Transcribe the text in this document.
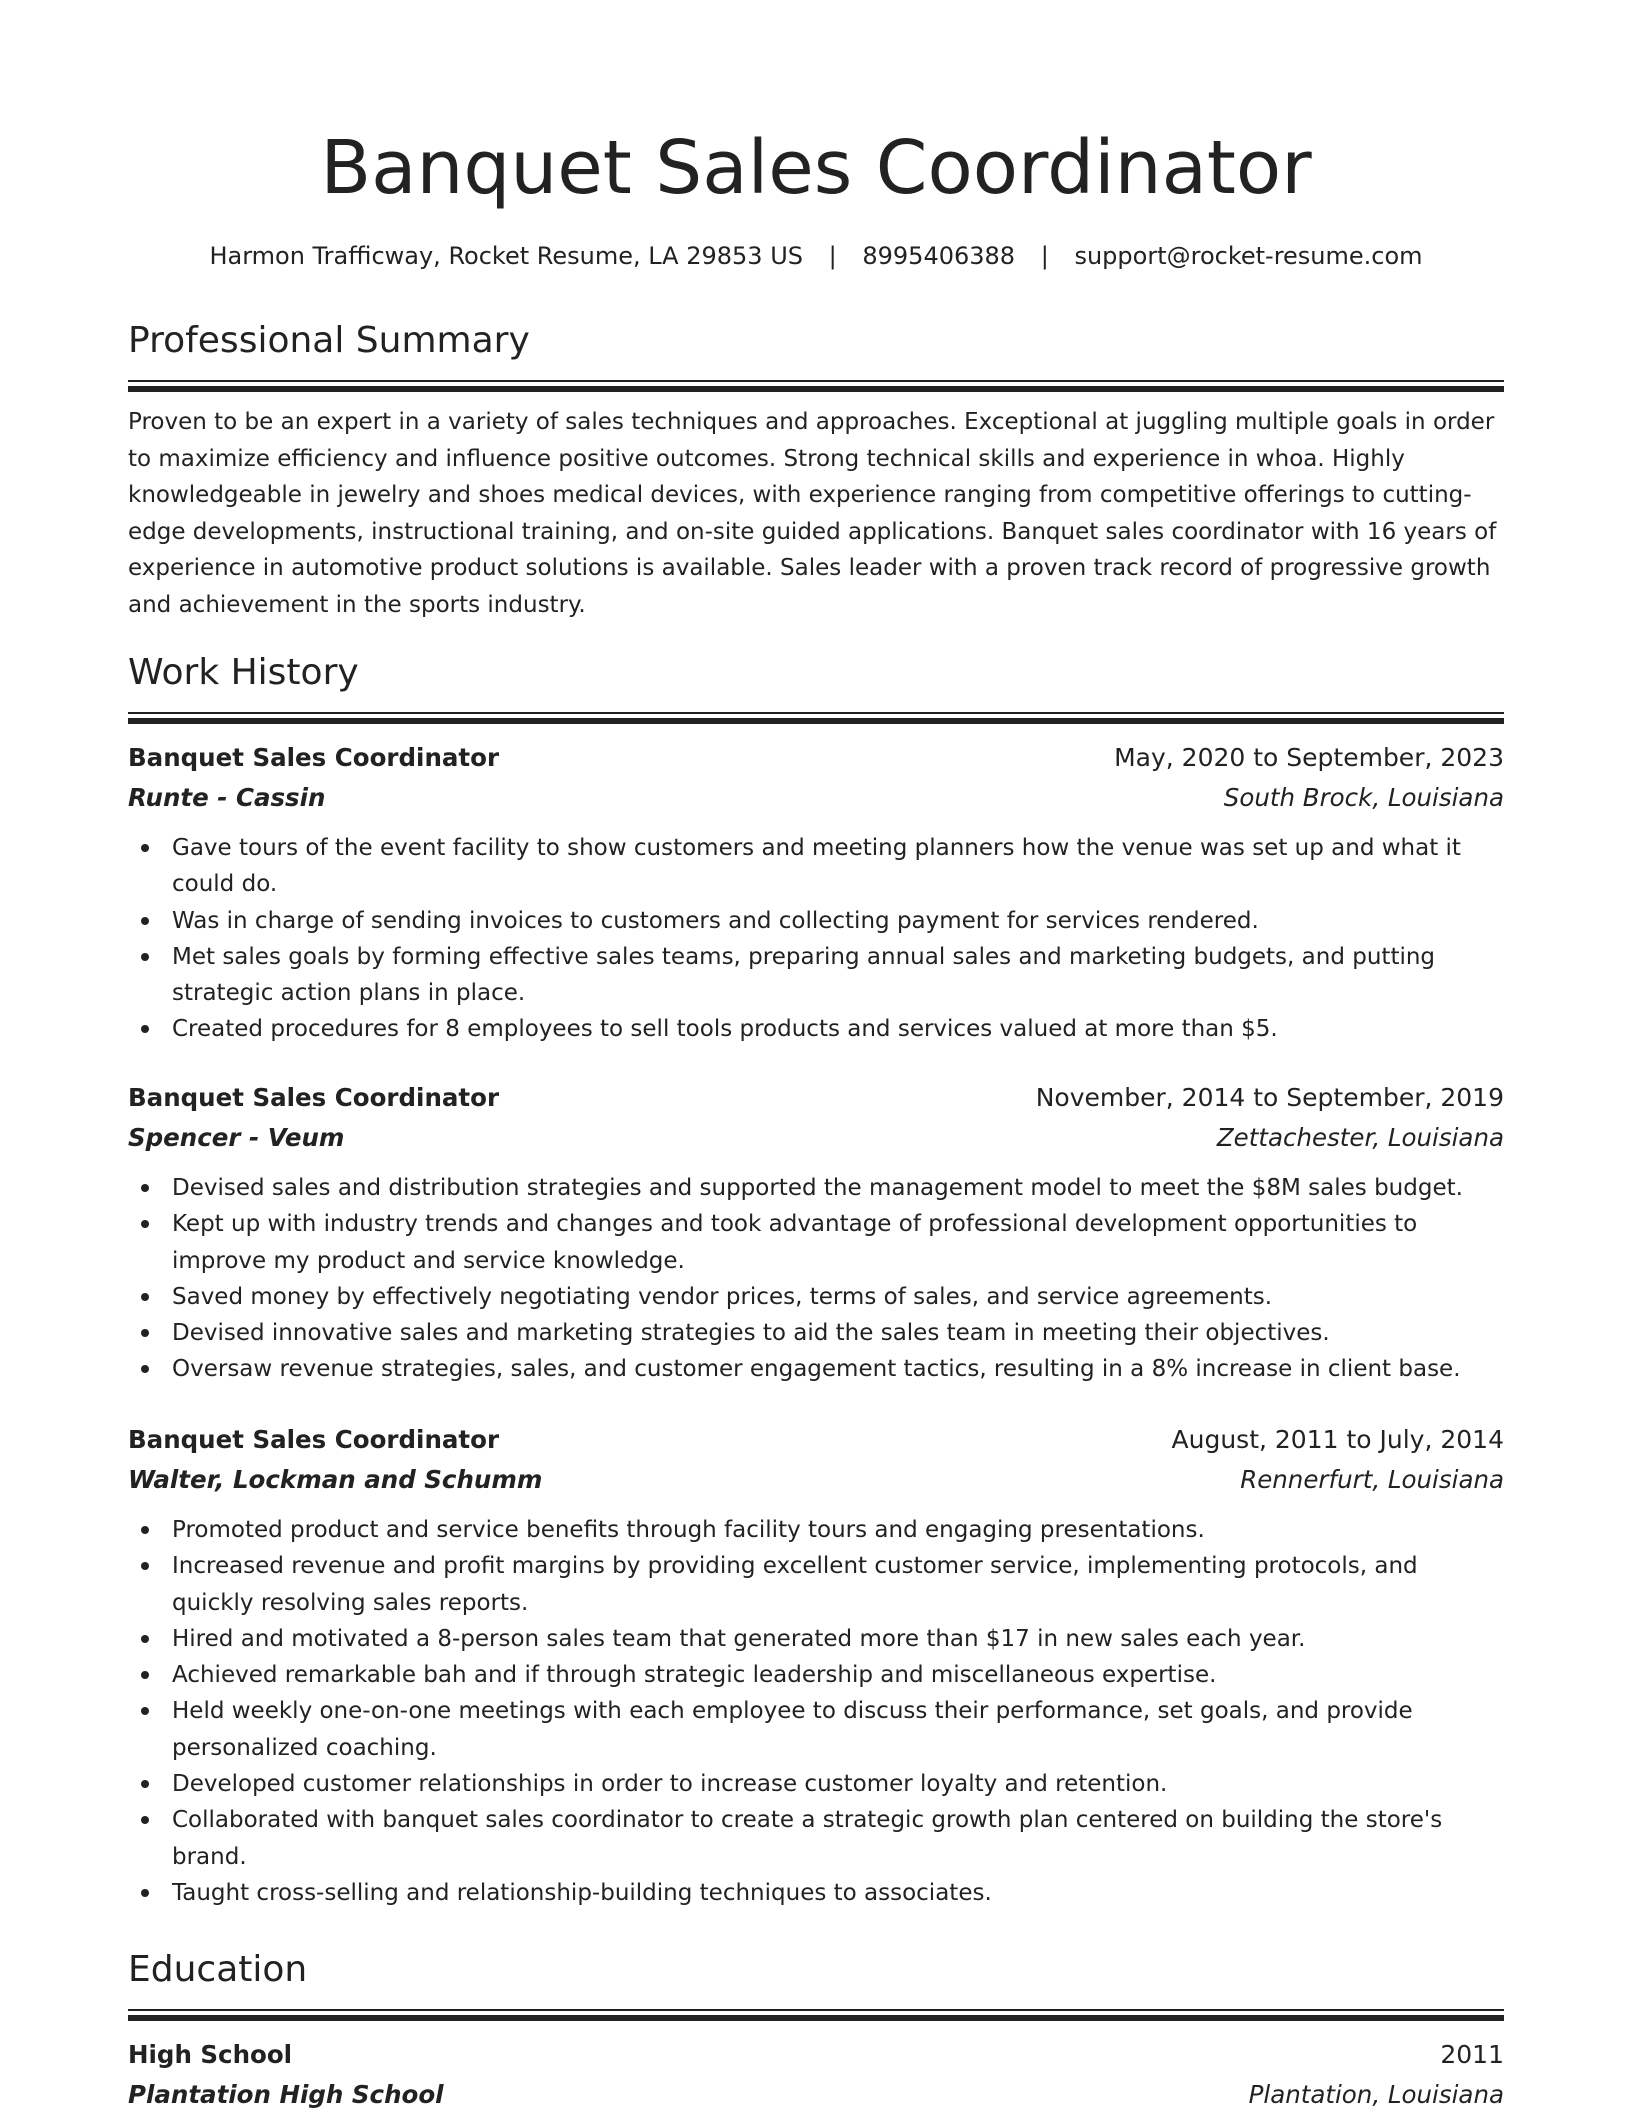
Banquet Sales Coordinator
Harmon Trafficway, Rocket Resume, LA 29853 US | 8995406388 | support@rocket-resume.com
Professional Summary

Proven to be an expert in a variety of sales techniques and approaches. Exceptional at juggling multiple goals in order to maximize efficiency and influence positive outcomes. Strong technical skills and experience in whoa. Highly knowledgeable in jewelry and shoes medical devices, with experience ranging from competitive offerings to cutting-edge developments, instructional training, and on-site guided applications. Banquet sales coordinator with 16 years of experience in automotive product solutions is available. Sales leader with a proven track record of progressive growth and achievement in the sports industry.

Work History
Banquet Sales Coordinator	May, 2020 to September, 2023
Runte - Cassin	South Brock, Louisiana
Gave tours of the event facility to show customers and meeting planners how the venue was set up and what it could do.
Was in charge of sending invoices to customers and collecting payment for services rendered.
Met sales goals by forming effective sales teams, preparing annual sales and marketing budgets, and putting strategic action plans in place.
Created procedures for 8 employees to sell tools products and services valued at more than $5.
Banquet Sales Coordinator	November, 2014 to September, 2019
Spencer - Veum	Zettachester, Louisiana
Devised sales and distribution strategies and supported the management model to meet the $8M sales budget.
Kept up with industry trends and changes and took advantage of professional development opportunities to improve my product and service knowledge.
Saved money by effectively negotiating vendor prices, terms of sales, and service agreements.
Devised innovative sales and marketing strategies to aid the sales team in meeting their objectives.
Oversaw revenue strategies, sales, and customer engagement tactics, resulting in a 8% increase in client base.
Banquet Sales Coordinator	August, 2011 to July, 2014
Walter, Lockman and Schumm	Rennerfurt, Louisiana
Promoted product and service benefits through facility tours and engaging presentations.
Increased revenue and profit margins by providing excellent customer service, implementing protocols, and quickly resolving sales reports.
Hired and motivated a 8-person sales team that generated more than $17 in new sales each year.
Achieved remarkable bah and if through strategic leadership and miscellaneous expertise.
Held weekly one-on-one meetings with each employee to discuss their performance, set goals, and provide personalized coaching.
Developed customer relationships in order to increase customer loyalty and retention.
Collaborated with banquet sales coordinator to create a strategic growth plan centered on building the store's brand.
Taught cross-selling and relationship-building techniques to associates.
Education
High School	2011
Plantation High School	Plantation, Louisiana
